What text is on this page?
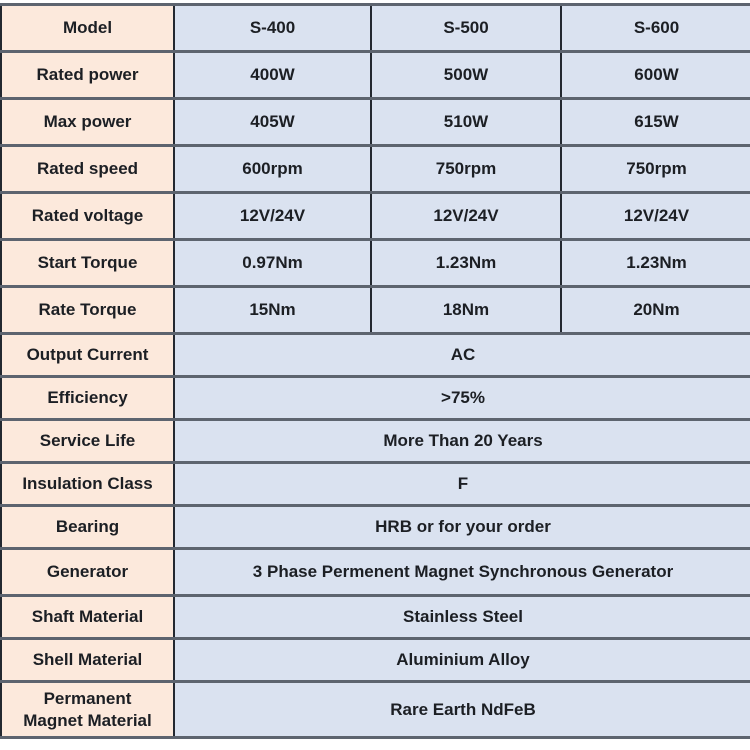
Model	S-400	S-500	S-600
Rated power	400W	500W	600W
Max power	405W	510W	615W
Rated speed	600rpm	750rpm	750rpm
Rated voltage	12V/24V	12V/24V	12V/24V
Start Torque	0.97Nm	1.23Nm	1.23Nm
Rate Torque	15Nm	18Nm	20Nm
Output Current	AC		
Efficiency	>75%		
Service Life	More Than 20 Years		
Insulation Class	F		
Bearing	HRB or for your order		
Generator	3 Phase Permenent Magnet Synchronous Generator		
Shaft Material	Stainless Steel		
Shell Material	Aluminium Alloy		
Permanent Magnet Material	Rare Earth NdFeB		
